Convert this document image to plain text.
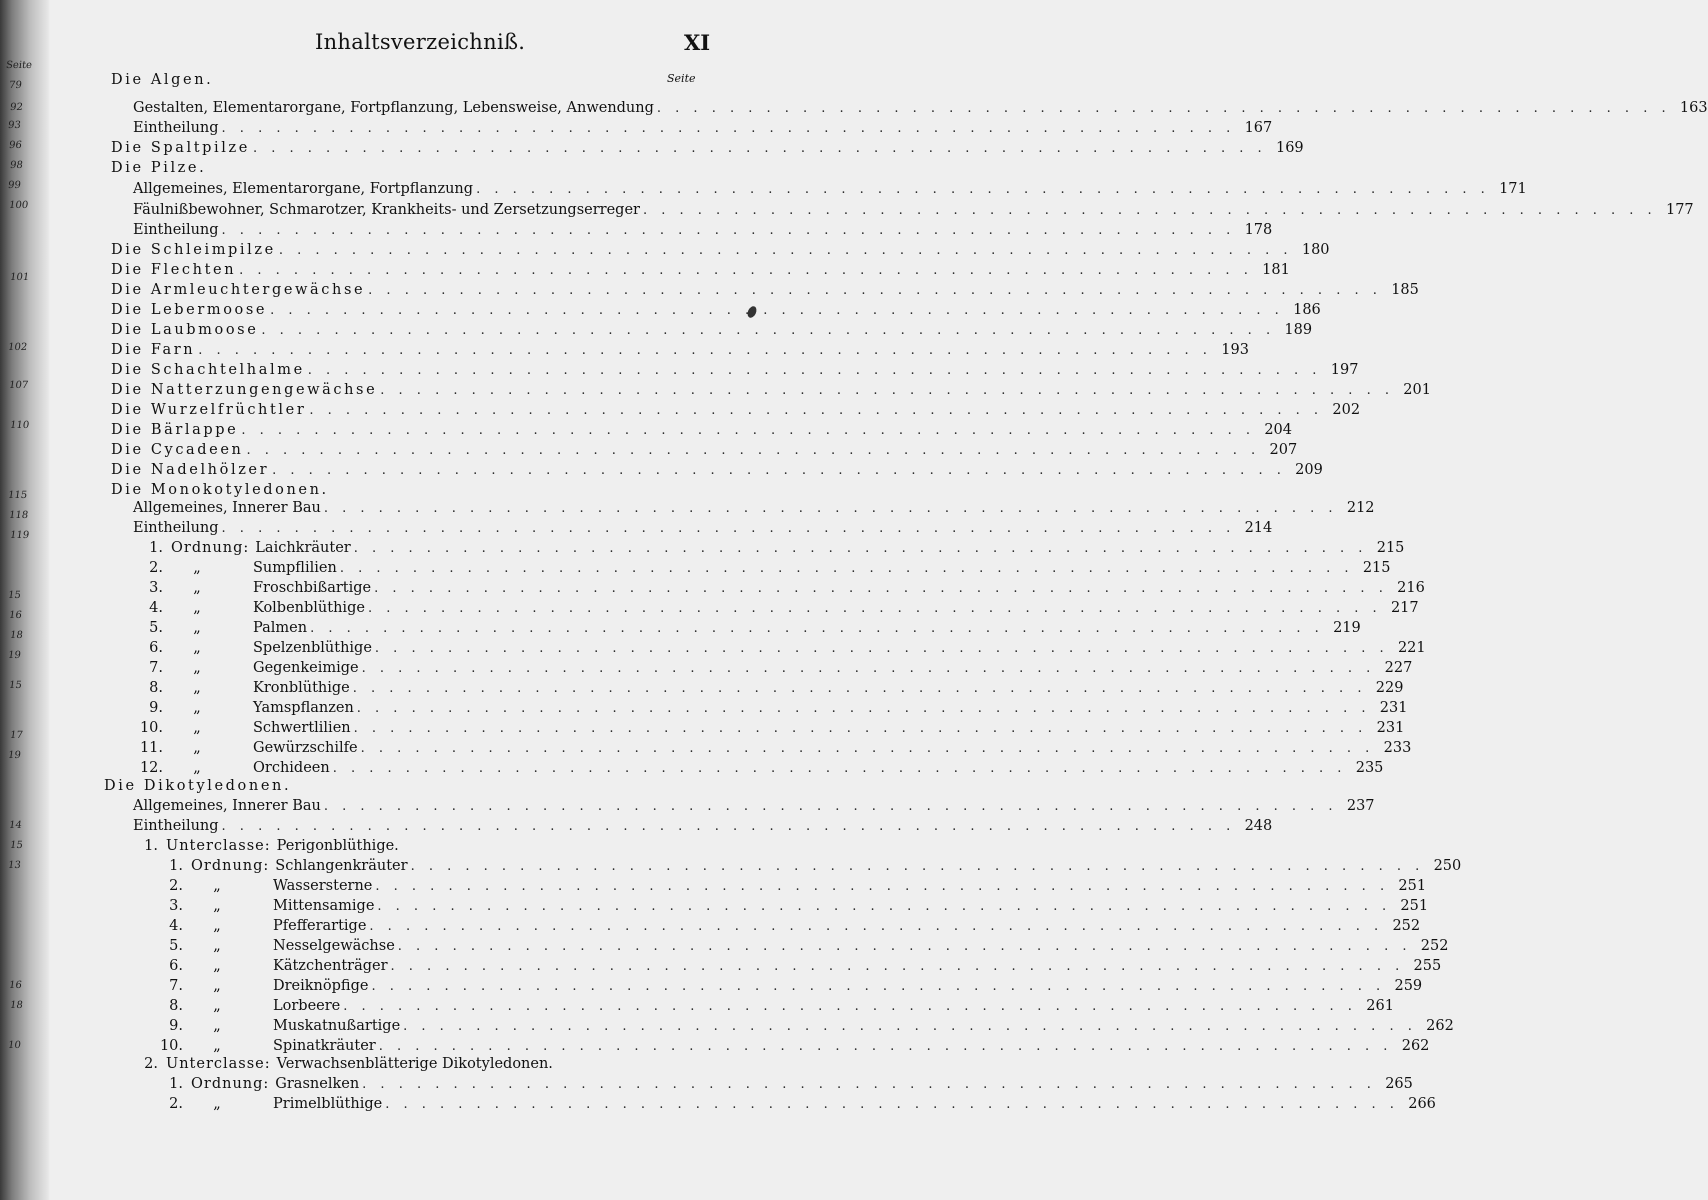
Seite
79
92
93
96
98
99
100
101
102
107
110
115
118
119
15
16
18
19
15
17
19
14
15
13
16
18
10
Inhaltsverzeichniß.	XI
Seite
Die Algen.
Gestalten, Elementarorgane, Fortpflanzung, Lebensweise, Anwendung . . . . . . . . . . . . . . . . . . . . . . . . . . . . . . . . . . . . . . . . . . . . . . . . . . . . . . . . 163
Eintheilung . . . . . . . . . . . . . . . . . . . . . . . . . . . . . . . . . . . . . . . . . . . . . . . . . . . . . . . . 167
Die Spaltpilze . . . . . . . . . . . . . . . . . . . . . . . . . . . . . . . . . . . . . . . . . . . . . . . . . . . . . . . . 169
Die Pilze.
Allgemeines, Elementarorgane, Fortpflanzung . . . . . . . . . . . . . . . . . . . . . . . . . . . . . . . . . . . . . . . . . . . . . . . . . . . . . . . . 171
Fäulnißbewohner, Schmarotzer, Krankheits- und Zersetzungserreger . . . . . . . . . . . . . . . . . . . . . . . . . . . . . . . . . . . . . . . . . . . . . . . . . . . . . . . . 177
Eintheilung . . . . . . . . . . . . . . . . . . . . . . . . . . . . . . . . . . . . . . . . . . . . . . . . . . . . . . . . 178
Die Schleimpilze . . . . . . . . . . . . . . . . . . . . . . . . . . . . . . . . . . . . . . . . . . . . . . . . . . . . . . . . 180
Die Flechten . . . . . . . . . . . . . . . . . . . . . . . . . . . . . . . . . . . . . . . . . . . . . . . . . . . . . . . . 181
Die Armleuchtergewächse . . . . . . . . . . . . . . . . . . . . . . . . . . . . . . . . . . . . . . . . . . . . . . . . . . . . . . . . 185
Die Lebermoose . . . . . . . . . . . . . . . . . . . . . . . . . . . . . . . . . . . . . . . . . . . . . . . . . . . . . . . . 186
Die Laubmoose . . . . . . . . . . . . . . . . . . . . . . . . . . . . . . . . . . . . . . . . . . . . . . . . . . . . . . . . 189
Die Farn . . . . . . . . . . . . . . . . . . . . . . . . . . . . . . . . . . . . . . . . . . . . . . . . . . . . . . . . 193
Die Schachtelhalme . . . . . . . . . . . . . . . . . . . . . . . . . . . . . . . . . . . . . . . . . . . . . . . . . . . . . . . . 197
Die Natterzungengewächse . . . . . . . . . . . . . . . . . . . . . . . . . . . . . . . . . . . . . . . . . . . . . . . . . . . . . . . . 201
Die Wurzelfrüchtler . . . . . . . . . . . . . . . . . . . . . . . . . . . . . . . . . . . . . . . . . . . . . . . . . . . . . . . . 202
Die Bärlappe . . . . . . . . . . . . . . . . . . . . . . . . . . . . . . . . . . . . . . . . . . . . . . . . . . . . . . . . 204
Die Cycadeen . . . . . . . . . . . . . . . . . . . . . . . . . . . . . . . . . . . . . . . . . . . . . . . . . . . . . . . . 207
Die Nadelhölzer . . . . . . . . . . . . . . . . . . . . . . . . . . . . . . . . . . . . . . . . . . . . . . . . . . . . . . . . 209
Die Monokotyledonen.
Allgemeines, Innerer Bau . . . . . . . . . . . . . . . . . . . . . . . . . . . . . . . . . . . . . . . . . . . . . . . . . . . . . . . . 212
Eintheilung . . . . . . . . . . . . . . . . . . . . . . . . . . . . . . . . . . . . . . . . . . . . . . . . . . . . . . . . 214
1. Ordnung: Laichkräuter . . . . . . . . . . . . . . . . . . . . . . . . . . . . . . . . . . . . . . . . . . . . . . . . . . . . . . . . 215
2. „	Sumpflilien . . . . . . . . . . . . . . . . . . . . . . . . . . . . . . . . . . . . . . . . . . . . . . . . . . . . . . . . 215
3. „	Froschbißartige . . . . . . . . . . . . . . . . . . . . . . . . . . . . . . . . . . . . . . . . . . . . . . . . . . . . . . . . 216
4. „	Kolbenblüthige . . . . . . . . . . . . . . . . . . . . . . . . . . . . . . . . . . . . . . . . . . . . . . . . . . . . . . . . 217
5. „	Palmen . . . . . . . . . . . . . . . . . . . . . . . . . . . . . . . . . . . . . . . . . . . . . . . . . . . . . . . . 219
6. „	Spelzenblüthige . . . . . . . . . . . . . . . . . . . . . . . . . . . . . . . . . . . . . . . . . . . . . . . . . . . . . . . . 221
7. „	Gegenkeimige . . . . . . . . . . . . . . . . . . . . . . . . . . . . . . . . . . . . . . . . . . . . . . . . . . . . . . . . 227
8. „	Kronblüthige . . . . . . . . . . . . . . . . . . . . . . . . . . . . . . . . . . . . . . . . . . . . . . . . . . . . . . . . 229
9. „	Yamspflanzen . . . . . . . . . . . . . . . . . . . . . . . . . . . . . . . . . . . . . . . . . . . . . . . . . . . . . . . . 231
10. „	Schwertlilien . . . . . . . . . . . . . . . . . . . . . . . . . . . . . . . . . . . . . . . . . . . . . . . . . . . . . . . . 231
11. „	Gewürzschilfe . . . . . . . . . . . . . . . . . . . . . . . . . . . . . . . . . . . . . . . . . . . . . . . . . . . . . . . . 233
12. „	Orchideen . . . . . . . . . . . . . . . . . . . . . . . . . . . . . . . . . . . . . . . . . . . . . . . . . . . . . . . . 235
Die Dikotyledonen.
Allgemeines, Innerer Bau . . . . . . . . . . . . . . . . . . . . . . . . . . . . . . . . . . . . . . . . . . . . . . . . . . . . . . . . 237
Eintheilung . . . . . . . . . . . . . . . . . . . . . . . . . . . . . . . . . . . . . . . . . . . . . . . . . . . . . . . . 248
1. Unterclasse: Perigonblüthige.
1. Ordnung: Schlangenkräuter . . . . . . . . . . . . . . . . . . . . . . . . . . . . . . . . . . . . . . . . . . . . . . . . . . . . . . . . 250
2. „	Wassersterne . . . . . . . . . . . . . . . . . . . . . . . . . . . . . . . . . . . . . . . . . . . . . . . . . . . . . . . . 251
3. „	Mittensamige . . . . . . . . . . . . . . . . . . . . . . . . . . . . . . . . . . . . . . . . . . . . . . . . . . . . . . . . 251
4. „	Pfefferartige . . . . . . . . . . . . . . . . . . . . . . . . . . . . . . . . . . . . . . . . . . . . . . . . . . . . . . . . 252
5. „	Nesselgewächse . . . . . . . . . . . . . . . . . . . . . . . . . . . . . . . . . . . . . . . . . . . . . . . . . . . . . . . . 252
6. „	Kätzchenträger . . . . . . . . . . . . . . . . . . . . . . . . . . . . . . . . . . . . . . . . . . . . . . . . . . . . . . . . 255
7. „	Dreiknöpfige . . . . . . . . . . . . . . . . . . . . . . . . . . . . . . . . . . . . . . . . . . . . . . . . . . . . . . . . 259
8. „	Lorbeere . . . . . . . . . . . . . . . . . . . . . . . . . . . . . . . . . . . . . . . . . . . . . . . . . . . . . . . . 261
9. „	Muskatnußartige . . . . . . . . . . . . . . . . . . . . . . . . . . . . . . . . . . . . . . . . . . . . . . . . . . . . . . . . 262
10. „	Spinatkräuter . . . . . . . . . . . . . . . . . . . . . . . . . . . . . . . . . . . . . . . . . . . . . . . . . . . . . . . . 262
2. Unterclasse: Verwachsenblätterige Dikotyledonen.
1. Ordnung: Grasnelken . . . . . . . . . . . . . . . . . . . . . . . . . . . . . . . . . . . . . . . . . . . . . . . . . . . . . . . . 265
2. „	Primelblüthige . . . . . . . . . . . . . . . . . . . . . . . . . . . . . . . . . . . . . . . . . . . . . . . . . . . . . . . . 266
